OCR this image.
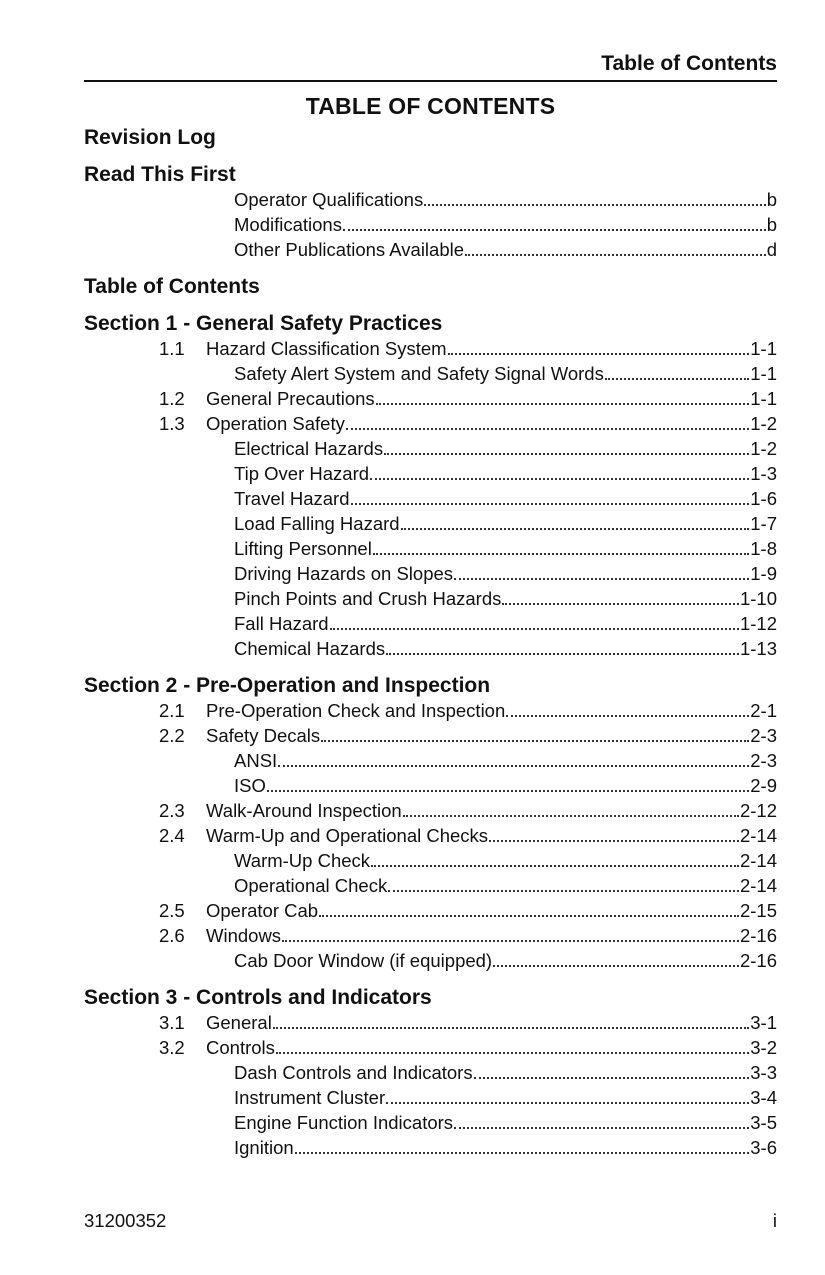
Table of Contents
TABLE OF CONTENTS
Revision Log
Read This First
Operator Qualifications	b
Modifications	b
Other Publications Available	d
Table of Contents
Section 1 - General Safety Practices
1.1	Hazard Classification System	1-1
Safety Alert System and Safety Signal Words	1-1
1.2	General Precautions	1-1
1.3	Operation Safety	1-2
Electrical Hazards	1-2
Tip Over Hazard	1-3
Travel Hazard	1-6
Load Falling Hazard	1-7
Lifting Personnel	1-8
Driving Hazards on Slopes	1-9
Pinch Points and Crush Hazards	1-10
Fall Hazard	1-12
Chemical Hazards	1-13
Section 2 - Pre-Operation and Inspection
2.1	Pre-Operation Check and Inspection	2-1
2.2	Safety Decals	2-3
ANSI	2-3
ISO	2-9
2.3	Walk-Around Inspection	2-12
2.4	Warm-Up and Operational Checks	2-14
Warm-Up Check	2-14
Operational Check	2-14
2.5	Operator Cab	2-15
2.6	Windows	2-16
Cab Door Window (if equipped)	2-16
Section 3 - Controls and Indicators
3.1	General	3-1
3.2	Controls	3-2
Dash Controls and Indicators	3-3
Instrument Cluster	3-4
Engine Function Indicators	3-5
Ignition	3-6
31200352	i
